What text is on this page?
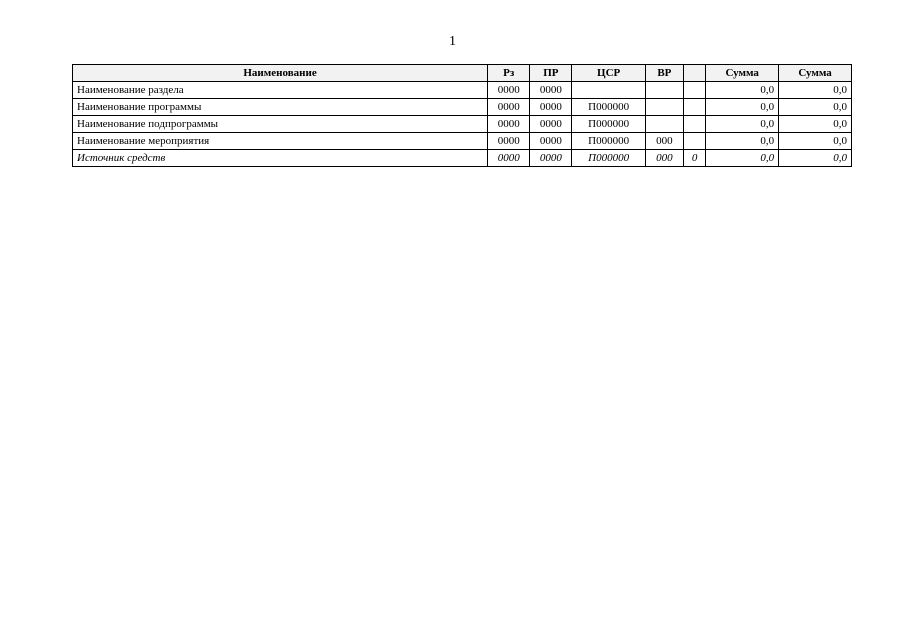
1
Наименование	Рз	ПР	ЦСР	ВР		Сумма	Сумма
Наименование раздела	0000	0000				0,0	0,0
Наименование программы	0000	0000	П000000			0,0	0,0
Наименование подпрограммы	0000	0000	П000000			0,0	0,0
Наименование мероприятия	0000	0000	П000000	000		0,0	0,0
Источник средств	0000	0000	П000000	000	0	0,0	0,0
